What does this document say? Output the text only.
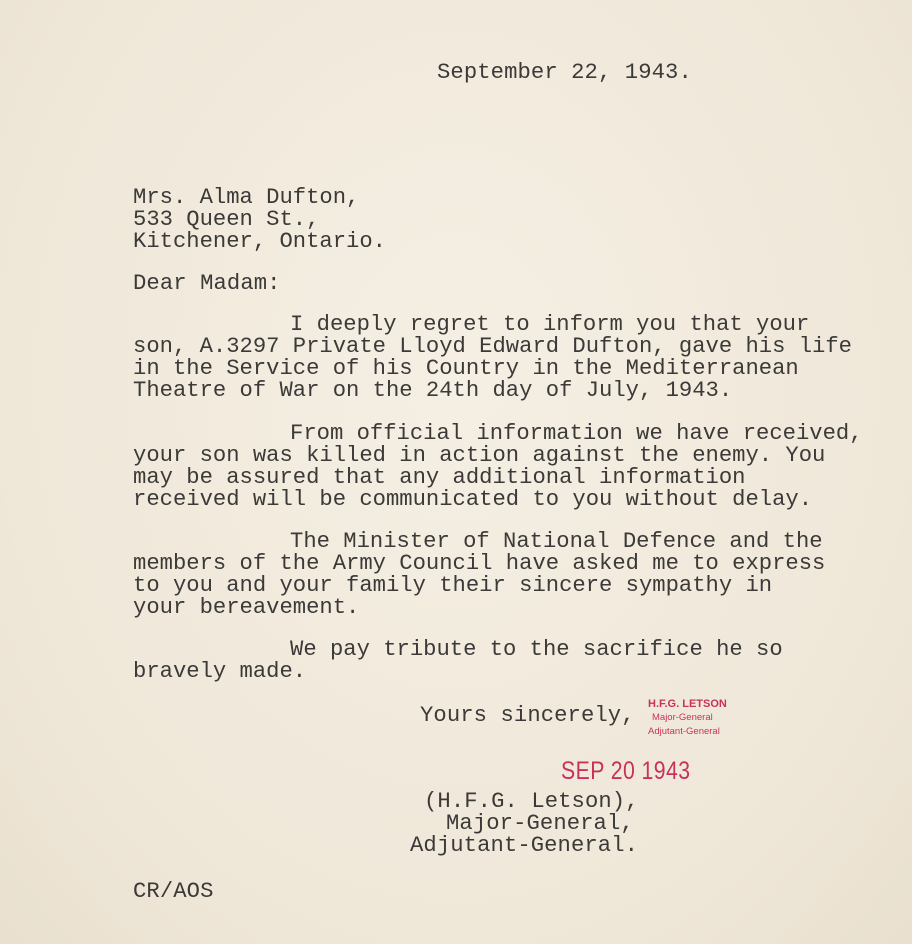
September 22, 1943.
Mrs. Alma Dufton,
533 Queen St.,
Kitchener, Ontario.
Dear Madam:
I deeply regret to inform you that your
son, A.3297 Private Lloyd Edward Dufton, gave his life
in the Service of his Country in the Mediterranean
Theatre of War on the 24th day of July, 1943.
From official information we have received,
your son was killed in action against the enemy. You
may be assured that any additional information
received will be communicated to you without delay.
The Minister of National Defence and the
members of the Army Council have asked me to express
to you and your family their sincere sympathy in
your bereavement.
We pay tribute to the sacrifice he so
bravely made.
Yours sincerely, H.F.G. LETSON
Major-General
Adjutant-General
SEP 20 1943
(H.F.G. Letson),
Major-General,
Adjutant-General.
CR/AOS
